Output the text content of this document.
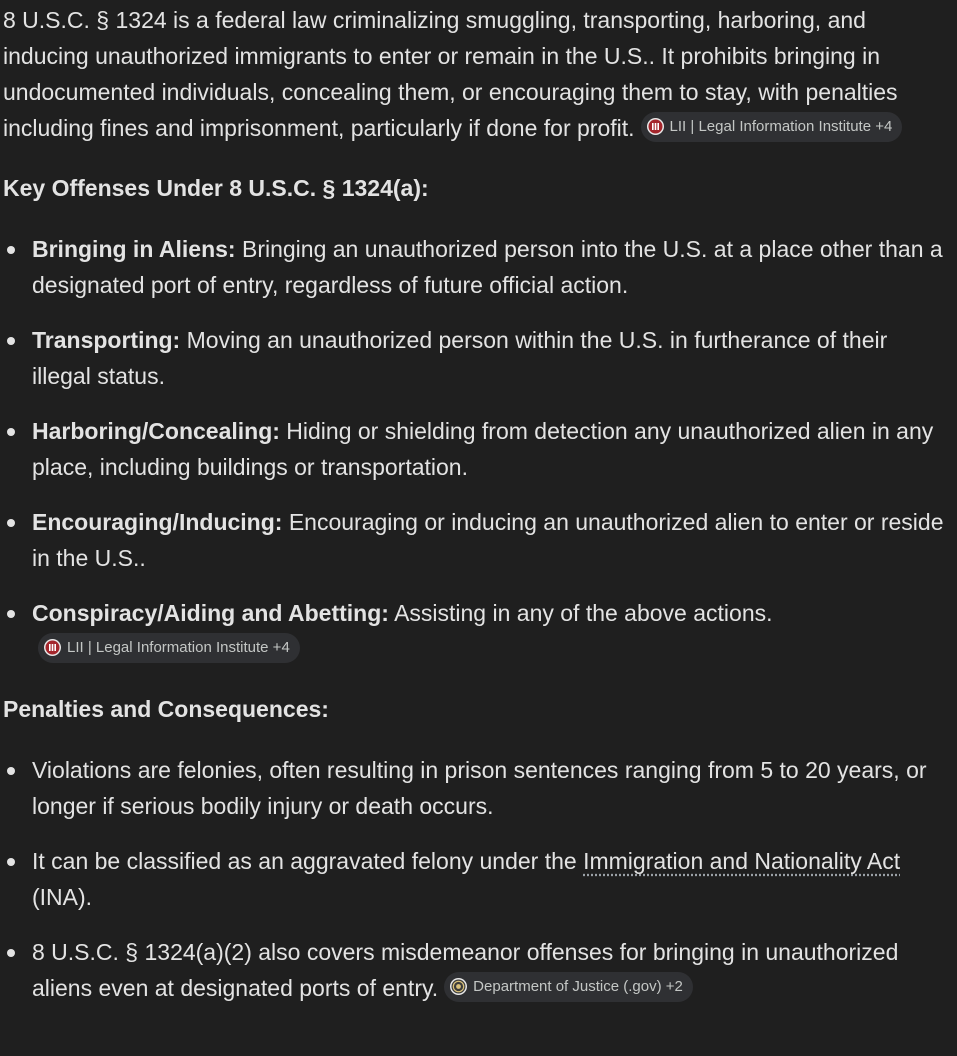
8 U.S.C. § 1324 is a federal law criminalizing smuggling, transporting, harboring, and inducing unauthorized immigrants to enter or remain in the U.S.. It prohibits bringing in undocumented individuals, concealing them, or encouraging them to stay, with penalties including fines and imprisonment, particularly if done for profit. LII | Legal Information Institute +4

Key Offenses Under 8 U.S.C. § 1324(a):
Bringing in Aliens: Bringing an unauthorized person into the U.S. at a place other than a designated port of entry, regardless of future official action.
Transporting: Moving an unauthorized person within the U.S. in furtherance of their illegal status.
Harboring/Concealing: Hiding or shielding from detection any unauthorized alien in any place, including buildings or transportation.
Encouraging/Inducing: Encouraging or inducing an unauthorized alien to enter or reside in the U.S..
Conspiracy/Aiding and Abetting: Assisting in any of the above actions.
LII | Legal Information Institute +4
Penalties and Consequences:
Violations are felonies, often resulting in prison sentences ranging from 5 to 20 years, or longer if serious bodily injury or death occurs.
It can be classified as an aggravated felony under the Immigration and Nationality Act (INA).
8 U.S.C. § 1324(a)(2) also covers misdemeanor offenses for bringing in unauthorized aliens even at designated ports of entry. Department of Justice (.gov) +2
